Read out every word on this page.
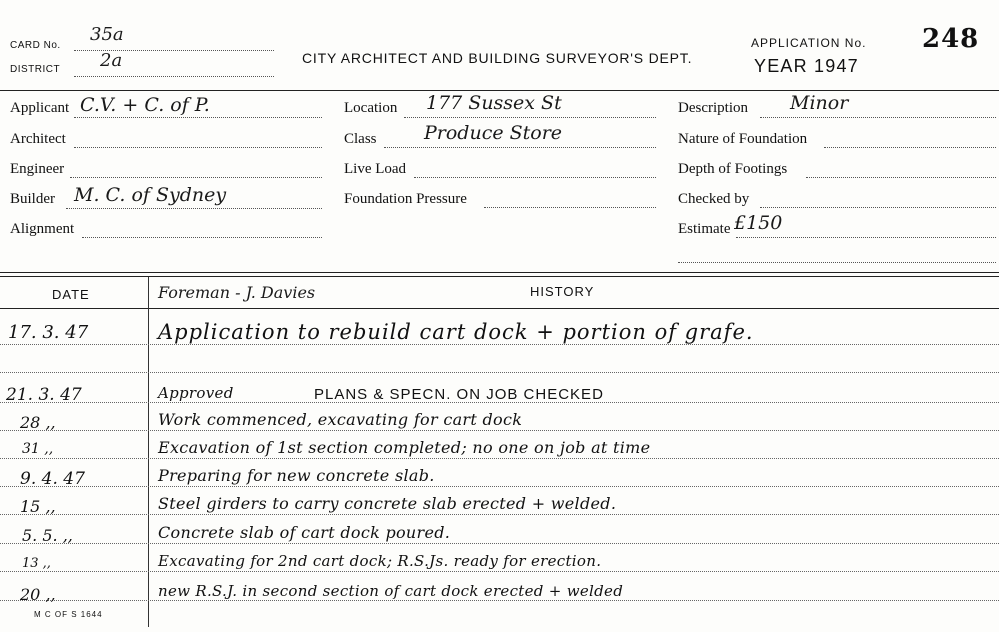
CARD No.
35a
DISTRICT 2a	CITY ARCHITECT AND BUILDING SURVEYOR'S DEPT.
APPLICATION No. 248
YEAR 1947
Applicant C.V. + C. of P.
Architect
Engineer
Builder M. C. of Sydney
Alignment
Location 177 Sussex St
Class Produce Store
Live Load
Foundation Pressure
Description Minor
Nature of Foundation
Depth of Footings
Checked by
Estimate £150
DATE	Foreman - J. Davies	HISTORY
17. 3. 47	Application to rebuild cart dock + portion of grafe.
21. 3. 47	Approved	PLANS & SPECN. ON JOB CHECKED
28 ,,	Work commenced, excavating for cart dock
31 ,,	Excavation of 1st section completed; no one on job at time
9. 4. 47	Preparing for new concrete slab.
15 ,,	Steel girders to carry concrete slab erected + welded.
5. 5. ,,	Concrete slab of cart dock poured.
13 ,,	Excavating for 2nd cart dock; R.S.Js. ready for erection.
20 ,,	new R.S.J. in second section of cart dock erected + welded
M C OF S 1644
